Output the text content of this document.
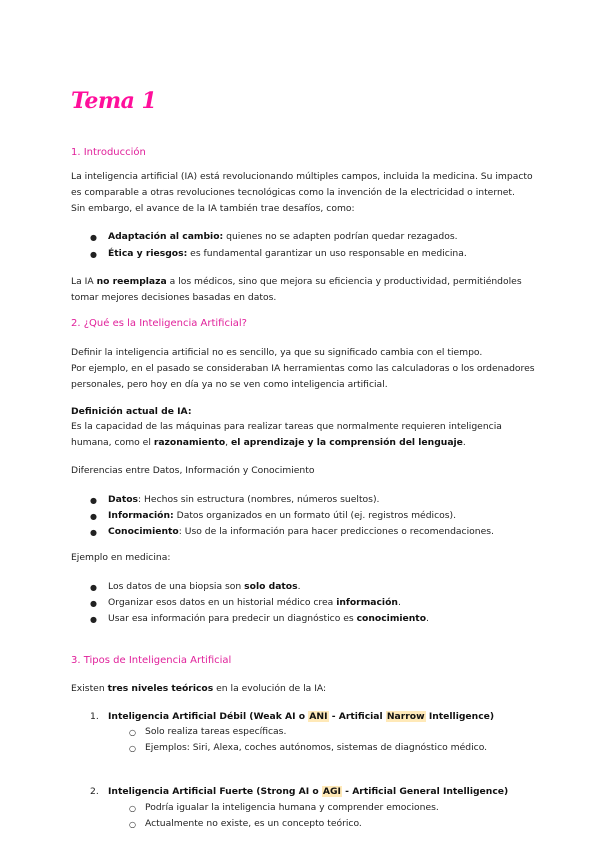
Tema 1
1. Introducción
La inteligencia artificial (IA) está revolucionando múltiples campos, incluida la medicina. Su impacto
es comparable a otras revoluciones tecnológicas como la invención de la electricidad o internet.
Sin embargo, el avance de la IA también trae desafíos, como:
● Adaptación al cambio: quienes no se adapten podrían quedar rezagados.
● Ética y riesgos: es fundamental garantizar un uso responsable en medicina.
La IA no reemplaza a los médicos, sino que mejora su eficiencia y productividad, permitiéndoles
tomar mejores decisiones basadas en datos.
2. ¿Qué es la Inteligencia Artificial?
Definir la inteligencia artificial no es sencillo, ya que su significado cambia con el tiempo.
Por ejemplo, en el pasado se consideraban IA herramientas como las calculadoras o los ordenadores
personales, pero hoy en día ya no se ven como inteligencia artificial.
Definición actual de IA:
Es la capacidad de las máquinas para realizar tareas que normalmente requieren inteligencia
humana, como el razonamiento, el aprendizaje y la comprensión del lenguaje.
Diferencias entre Datos, Información y Conocimiento
● Datos: Hechos sin estructura (nombres, números sueltos).
● Información: Datos organizados en un formato útil (ej. registros médicos).
● Conocimiento: Uso de la información para hacer predicciones o recomendaciones.
Ejemplo en medicina:
● Los datos de una biopsia son solo datos.
● Organizar esos datos en un historial médico crea información.
● Usar esa información para predecir un diagnóstico es conocimiento.
3. Tipos de Inteligencia Artificial
Existen tres niveles teóricos en la evolución de la IA:
1. Inteligencia Artificial Débil (Weak AI o ANI - Artificial Narrow Intelligence)
○ Solo realiza tareas específicas.
○ Ejemplos: Siri, Alexa, coches autónomos, sistemas de diagnóstico médico.
2. Inteligencia Artificial Fuerte (Strong AI o AGI - Artificial General Intelligence)
○ Podría igualar la inteligencia humana y comprender emociones.
○ Actualmente no existe, es un concepto teórico.
